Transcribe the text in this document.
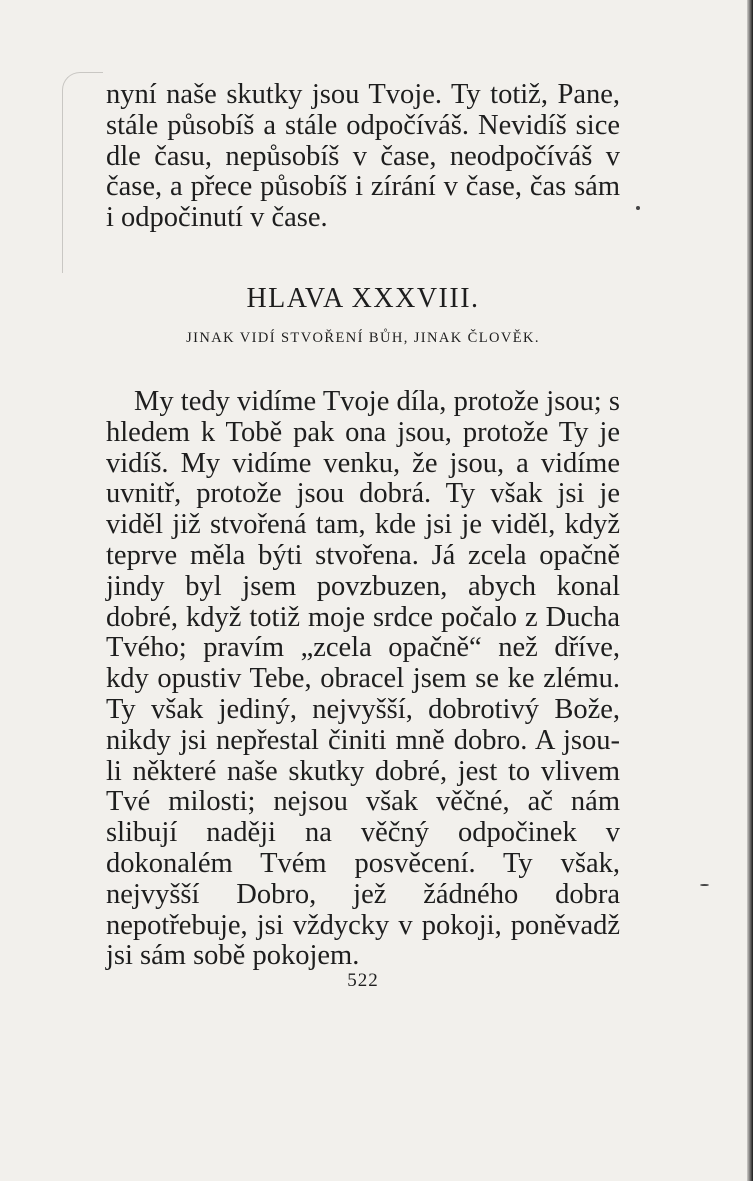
nyní naše skutky jsou Tvoje. Ty totiž, Pane, stále působíš a stále odpočíváš. Nevidíš sice dle času, nepůsobíš v čase, neodpočíváš v čase, a přece působíš i zírání v čase, čas sám i odpočinutí v čase.

HLAVA XXXVIII.
JINAK VIDÍ STVOŘENÍ BŮH, JINAK ČLOVĚK.

My tedy vidíme Tvoje díla, protože jsou; s hledem k Tobě pak ona jsou, protože Ty je vidíš. My vidíme venku, že jsou, a vidíme uvnitř, protože jsou dobrá. Ty však jsi je viděl již stvořená tam, kde jsi je viděl, když teprve měla býti stvořena. Já zcela opačně jindy byl jsem povzbuzen, abych konal dobré, když totiž moje srdce počalo z Ducha Tvého; pravím „zcela opačně“ než dříve, kdy opustiv Tebe, obracel jsem se ke zlému. Ty však jediný, nejvyšší, dobrotivý Bože, nikdy jsi nepřestal činiti mně dobro. A jsou-li některé naše skutky dobré, jest to vlivem Tvé milosti; nejsou však věčné, ač nám slibují naději na věčný odpočinek v dokonalém Tvém posvěcení. Ty však, nejvyšší Dobro, jež žádného dobra nepotřebuje, jsi vždycky v pokoji, poněvadž jsi sám sobě pokojem.

522
